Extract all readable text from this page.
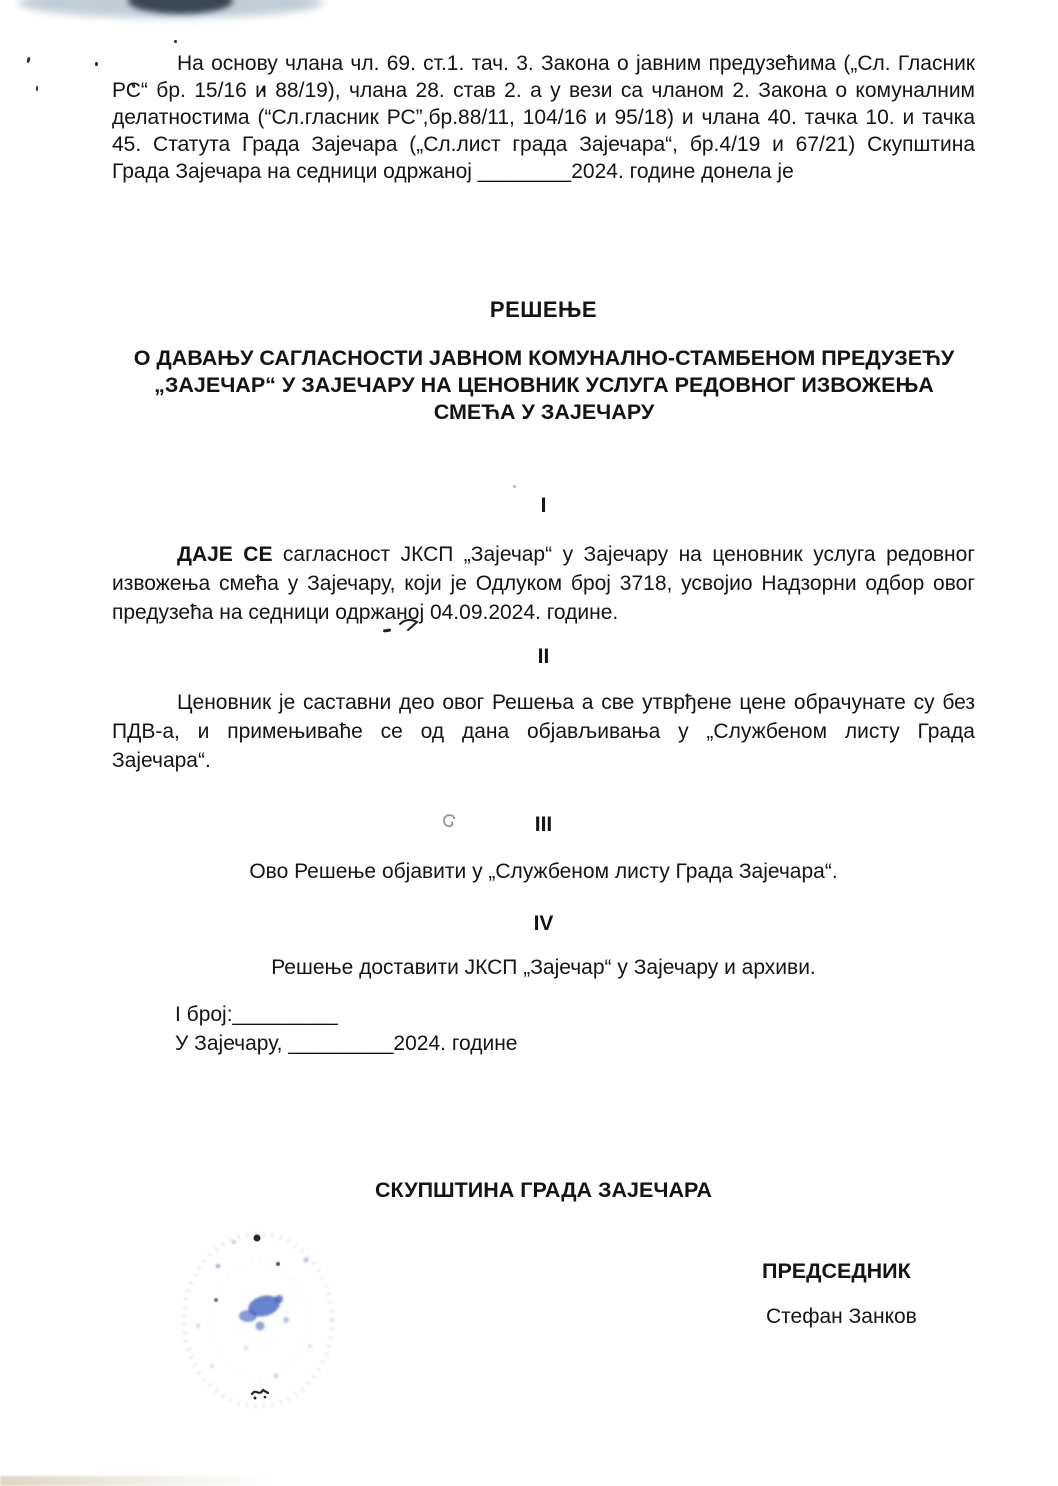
На основу члана чл. 69. ст.1. тач. 3. Закона о јавним предузећима („Сл. Гласник
РС“ бр. 15/16 и 88/19), члана 28. став 2. а у вези са чланом 2. Закона о комуналним
делатностима (“Сл.гласник РС”,бр.88/11, 104/16 и 95/18) и члана 40. тачка 10. и тачка
45. Статута Града Зајечара („Сл.лист града Зајечара“, бр.4/19 и 67/21) Скупштина
Града Зајечара на седници одржаној ________2024. године донела је
РЕШЕЊЕ
О ДАВАЊУ САГЛАСНОСТИ ЈАВНОМ КОМУНАЛНО-СТАМБЕНОМ ПРЕДУЗЕЋУ
„ЗАЈЕЧАР“ У ЗАЈЕЧАРУ НА ЦЕНОВНИК УСЛУГА РЕДОВНОГ ИЗВОЖЕЊА
СМЕЋА У ЗАЈЕЧАРУ
I
ДАЈЕ СЕ сагласност ЈКСП „Зајечар“ у Зајечару на ценовник услуга редовног
извожења смећа у Зајечару, који је Одлуком број 3718, усвојио Надзорни одбор овог
предузећа на седници одржаној 04.09.2024. године.
II
Ценовник је саставни део овог Решења а све утврђене цене обрачунате су без
ПДВ-а, и примењиваће се од дана објављивања у „Службеном листу Града
Зајечара“.
III
Ово Решење објавити у „Службеном листу Града Зајечара“.
IV
Решење доставити ЈКСП „Зајечар“ у Зајечару и архиви.
I број:_________
У Зајечару, _________2024. године
СКУПШТИНА ГРАДА ЗАЈЕЧАРА
ПРЕДСЕДНИК
Стефан Занков
